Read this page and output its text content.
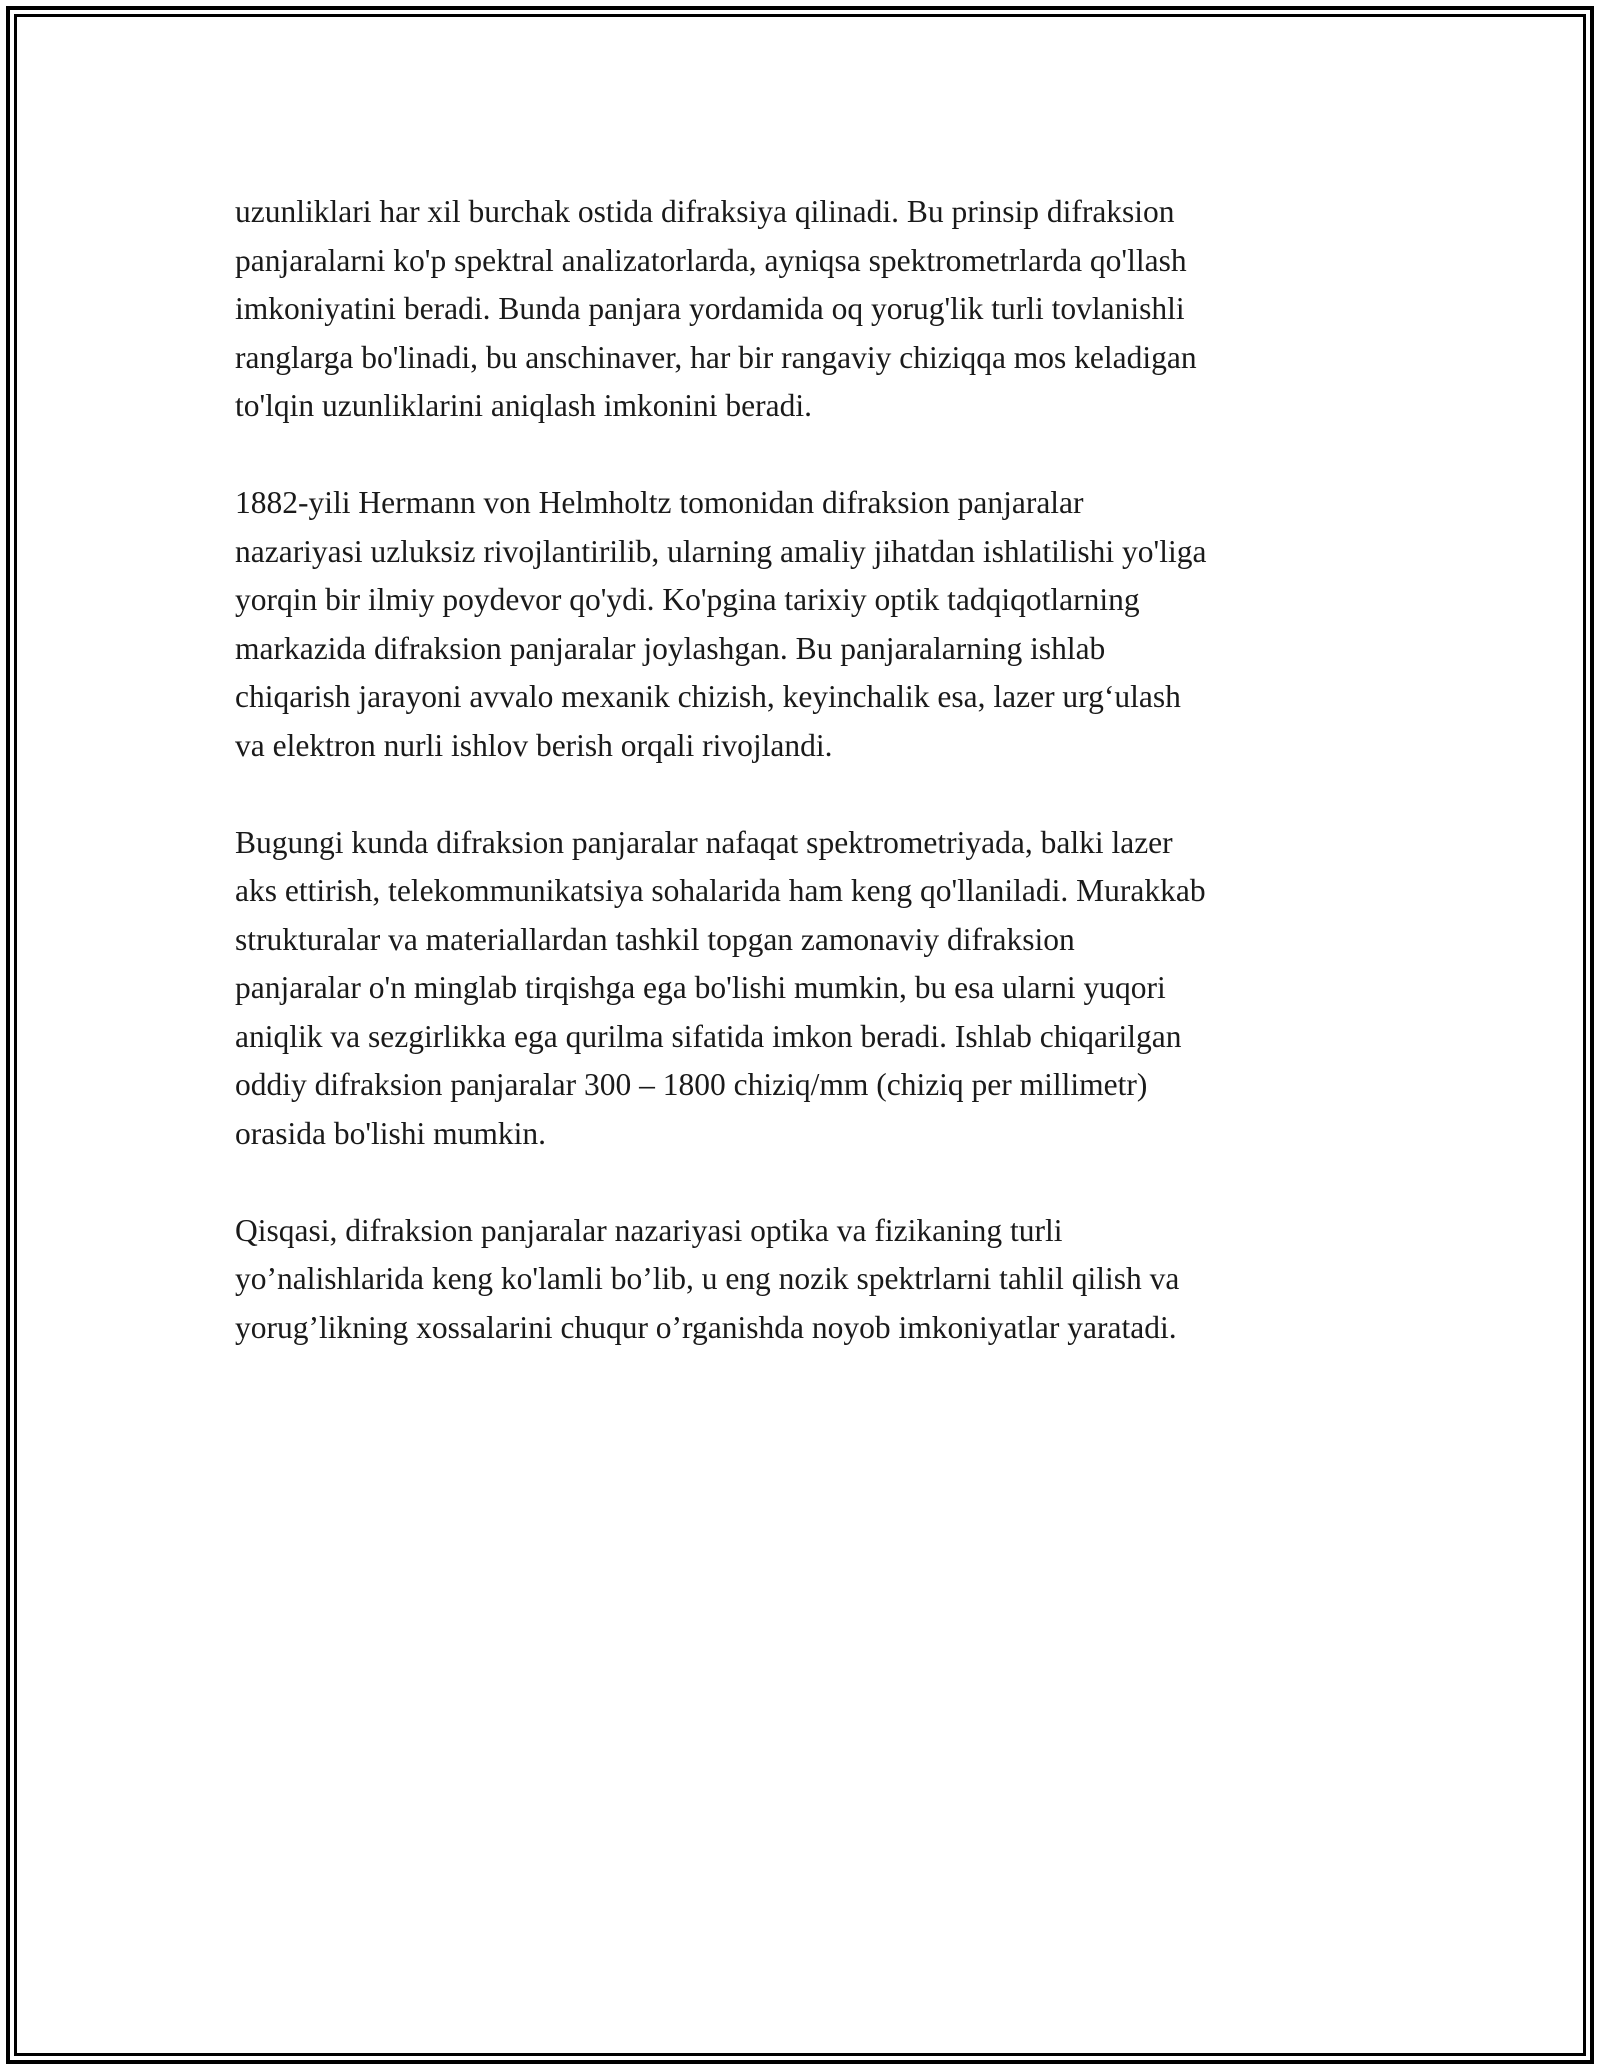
uzunliklari har xil burchak ostida difraksiya qilinadi. Bu prinsip difraksion
panjaralarni ko'p spektral analizatorlarda, ayniqsa spektrometrlarda qo'llash
imkoniyatini beradi. Bunda panjara yordamida oq yorug'lik turli tovlanishli
ranglarga bo'linadi, bu anschinaver, har bir rangaviy chiziqqa mos keladigan
to'lqin uzunliklarini aniqlash imkonini beradi.

1882-yili Hermann von Helmholtz tomonidan difraksion panjaralar
nazariyasi uzluksiz rivojlantirilib, ularning amaliy jihatdan ishlatilishi yo'liga
yorqin bir ilmiy poydevor qo'ydi. Ko'pgina tarixiy optik tadqiqotlarning
markazida difraksion panjaralar joylashgan. Bu panjaralarning ishlab
chiqarish jarayoni avvalo mexanik chizish, keyinchalik esa, lazer urg‘ulash
va elektron nurli ishlov berish orqali rivojlandi.

Bugungi kunda difraksion panjaralar nafaqat spektrometriyada, balki lazer
aks ettirish, telekommunikatsiya sohalarida ham keng qo'llaniladi. Murakkab
strukturalar va materiallardan tashkil topgan zamonaviy difraksion
panjaralar o'n minglab tirqishga ega bo'lishi mumkin, bu esa ularni yuqori
aniqlik va sezgirlikka ega qurilma sifatida imkon beradi. Ishlab chiqarilgan
oddiy difraksion panjaralar 300 – 1800 chiziq/mm (chiziq per millimetr)
orasida bo'lishi mumkin.

Qisqasi, difraksion panjaralar nazariyasi optika va fizikaning turli
yo’nalishlarida keng ko'lamli bo’lib, u eng nozik spektrlarni tahlil qilish va
yorug’likning xossalarini chuqur o’rganishda noyob imkoniyatlar yaratadi.
